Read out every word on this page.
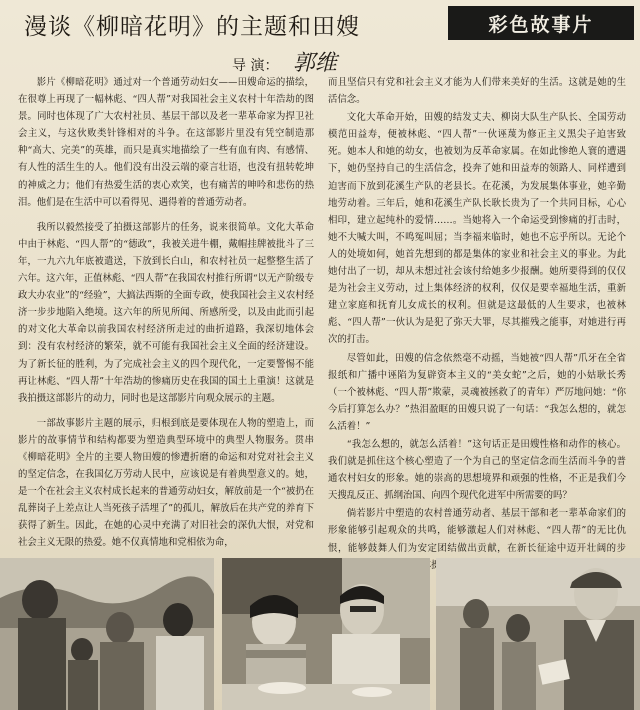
漫谈《柳暗花明》的主题和田嫂	彩色故事片
导 演： 郭维

影片《柳暗花明》通过对一个普通劳动妇女——田嫂命运的描绘，在很尊上再现了一幅林彪、“四人帮”对我国社会主义农村十年浩劫的图景。同时也体现了广大农村社员、基层干部以及老一辈革命家为捍卫社会主义，与这伙败类针锋相对的斗争。在这部影片里没有凭空制造那种“高大、完美”的英雄，而只是真实地描绘了一些有血有肉、有感情、有人性的活生生的人。他们没有出没云端的豪言壮语，也没有扭转乾坤的神威之力；他们有热爱生活的衷心欢笑，也有痛苦的呻吟和悲伤的热泪。他们是在生活中可以看得见、遇得着的普通劳动者。

我所以毅然接受了拍摄这部影片的任务，说来很简单。文化大革命中由于林彪、“四人帮”的“德政”，我被关进牛棚，戴帽挂牌被批斗了三年，一九六九年底被遣送，下放到长白山，和农村社员一起整整生活了六年。这六年，正值林彪、“四人帮”在我国农村推行所谓“以无产阶级专政大办农业”的“经验”，大搞法西斯的全面专政，使我国社会主义农村经济一步步地陷入绝境。这六年的所见所闻、所感所受，以及由此而引起的对文化大革命以前我国农村经济所走过的曲折道路，我深切地体会到：没有农村经济的繁荣，就不可能有我国社会主义全面的经济建设。为了新长征的胜利，为了完成社会主义的四个现代化，一定要警惕不能再让林彪、“四人帮”十年浩劫的惨痛历史在我国的国土上重演！这就是我拍摄这部影片的动力，同时也是这部影片向观众展示的主题。

一部故事影片主题的展示，归根到底是要体现在人物的塑造上，而影片的故事情节和结构都要为塑造典型环境中的典型人物服务。贯串《柳暗花明》全片的主要人物田嫂的惨遭折磨的命运和对党对社会主义的坚定信念，在我国亿万劳动人民中，应该说是有着典型意义的。她，是一个在社会主义农村成长起来的普通劳动妇女，解放前是一个“被扔在乱葬岗子上差点让人当死孩子活埋了”的孤儿，解放后在共产党的养育下获得了新生。因此，在她的心灵中充满了对旧社会的深仇大恨，对党和社会主义无限的热爱。她不仅真情地和党相依为命，

而且坚信只有党和社会主义才能为人们带来美好的生活。这就是她的生活信念。

文化大革命开始，田嫂的结发丈夫、柳岗大队生产队长、全国劳动模范田益寿，便被林彪、“四人帮”一伙诬蔑为修正主义黑尖子迫害致死。她本人和她的幼女，也被划为反革命家属。在如此惨绝人寰的遭遇下，她仍坚持自己的生活信念，投奔了她和田益寿的领路人、同样遭到迫害而下放到花溪生产队的老县长。在花溪，为发展集体事业，她辛勤地劳动着。三年后，她和花溪生产队长耿长贵为了一个共同目标，心心相印，建立起纯朴的爱情……。当她将入一个命运受到惨痛的打击时，她不大喊大叫，不鸣冤叫屈；当李福来临时，她也不忘乎所以。无论个人的处境如何，她首先想到的都是集体的家业和社会主义的事业。为此她付出了一切，却从未想过社会该付给她多少报酬。她所要得到的仅仅是为社会主义劳动，过上集体经济的权利，仅仅是要幸福地生活，重新建立家庭和抚育儿女成长的权利。但就是这最低的人生要求，也被林彪、“四人帮”一伙认为是犯了弥天大罪，尽其摧残之能事，对她进行再次的打击。

尽管如此，田嫂的信念依然毫不动摇，当她被“四人帮”爪牙在全省报纸和广播中诬陷为复辟资本主义的“美女蛇”之后，她的小姑耿长秀（一个被林彪、“四人帮”欺蒙，灵魂被拯救了的青年）严厉地问她：“你今后打算怎么办？”热泪盈眶的田嫂只说了一句话：“我怎么想的，就怎么活着！”

“我怎么想的，就怎么活着！”这句话正是田嫂性格和动作的核心。我们就是抓住这个核心塑造了一个为自己的坚定信念而生活而斗争的普通农村妇女的形象。她的崇高的思想境界和顽强的性格，不正是我们今天搜乱反正、抓纲治国、向四个现代化进军中所需要的吗？

倘若影片中塑造的农村普通劳动者、基层干部和老一辈革命家们的形象能够引起观众的共鸣，能够激起人们对林彪、“四人帮”的无比仇恨，能够鼓舞人们为安定团结做出贡献，在新长征途中迈开壮阔的步 体摄
